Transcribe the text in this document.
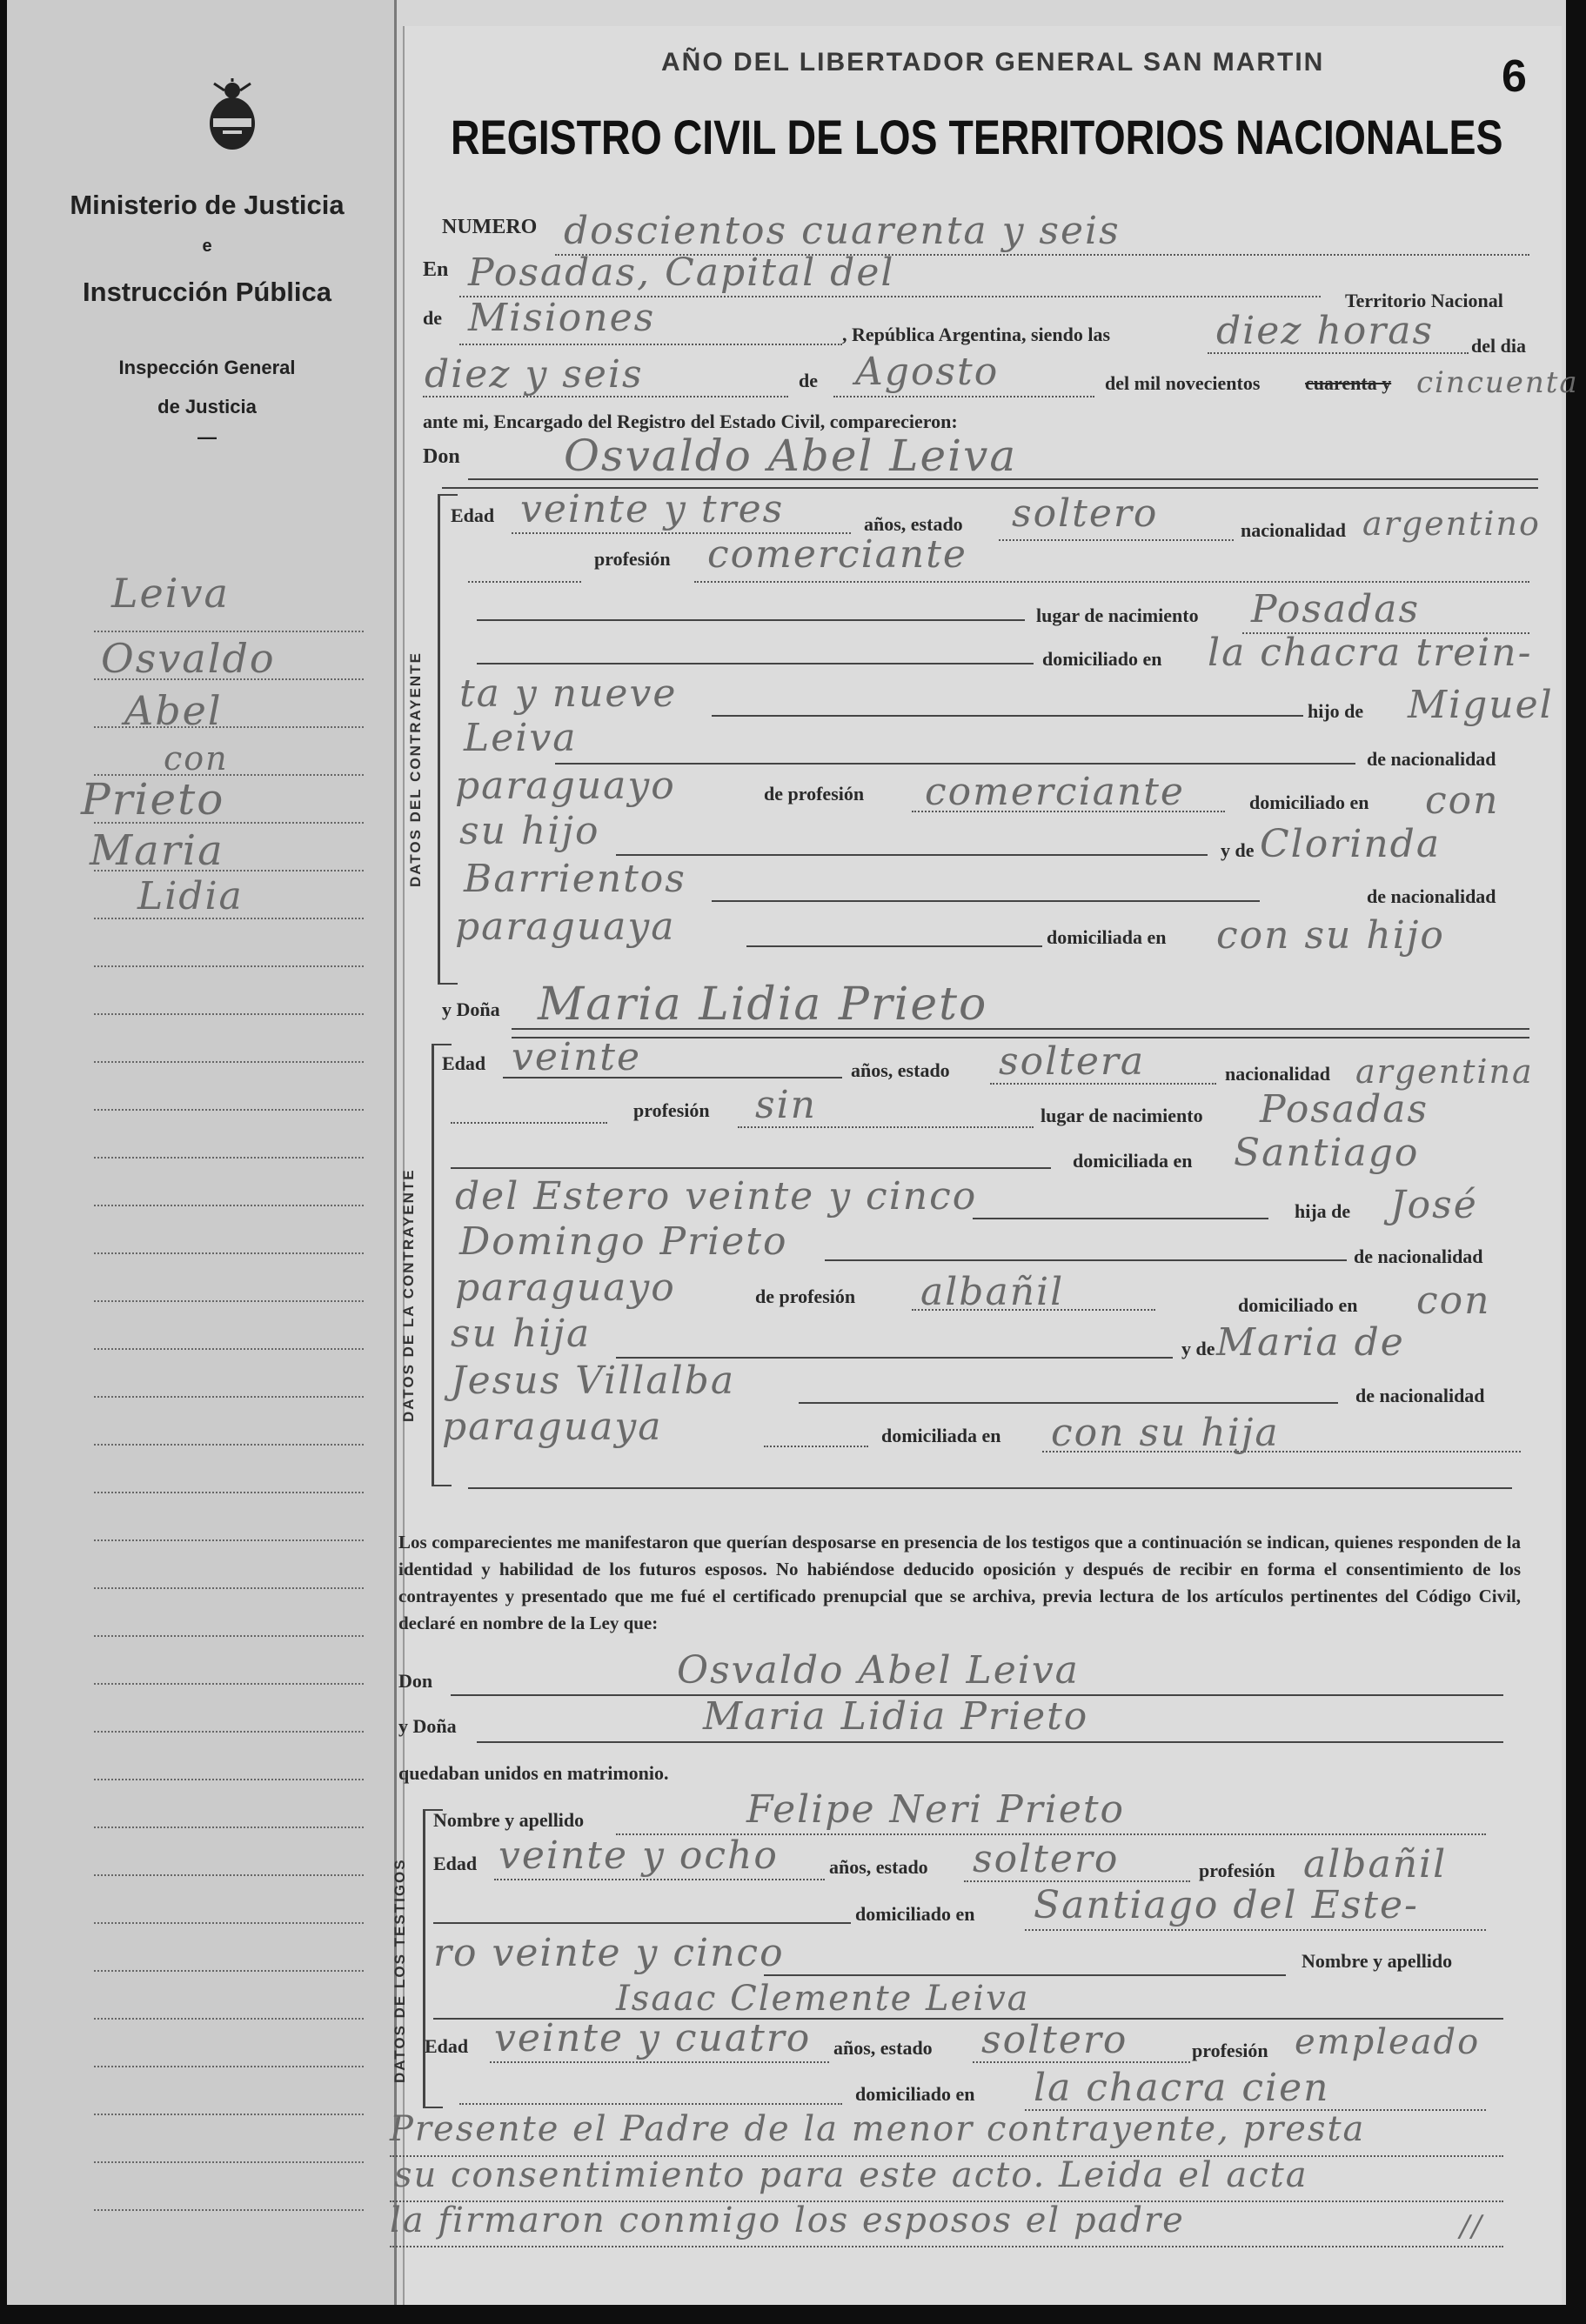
Ministerio de Justicia
e
Instrucción Pública
Inspección General
de Justicia
—
Leiva
Osvaldo
Abel
con
Prieto
Maria
Lidia
AÑO DEL LIBERTADOR GENERAL SAN MARTIN	6
REGISTRO CIVIL DE LOS TERRITORIOS NACIONALES
NUMERO doscientos cuarenta y seis
En Posadas, Capital del
Territorio Nacional
de Misiones	, República Argentina, siendo las	diez horas del dia
diez y seis	de Agosto	del mil novecientos cuarenta y cincuenta
ante mi, Encargado del Registro del Estado Civil, comparecieron:
Don Osvaldo Abel Leiva
DATOS DEL CONTRAYENTE
Edad veinte y tres	años, estado soltero	nacionalidad argentino
profesión comerciante
lugar de nacimiento Posadas
domiciliado en la chacra trein-
ta y nueve	hijo de Miguel
Leiva	de nacionalidad
paraguayo	de profesión comerciante	domiciliado en con
su hijo	y de Clorinda
Barrientos	de nacionalidad
paraguaya	domiciliada en con su hijo
y Doña Maria Lidia Prieto
DATOS DE LA CONTRAYENTE
Edad veinte	años, estado soltera	nacionalidad argentina
profesión sin	lugar de nacimiento Posadas
domiciliada en Santiago
del Estero veinte y cinco	hija de José
Domingo Prieto	de nacionalidad
paraguayo	de profesión albañil	domiciliado en con
su hija	y de Maria de
Jesus Villalba	de nacionalidad
paraguaya	domiciliada en con su hija
Los comparecientes me manifestaron que querían desposarse en presencia de los testigos que a continuación se indican, quienes responden de la identidad y habilidad de los futuros esposos. No habiéndose deducido oposición y después de recibir en forma el consentimiento de los contrayentes y presentado que me fué el certificado prenupcial que se archiva, previa lectura de los artículos pertinentes del Código Civil, declaré en nombre de la Ley que:
Don	Osvaldo Abel Leiva
y Doña	Maria Lidia Prieto
quedaban unidos en matrimonio.
DATOS DE LOS TESTIGOS
Nombre y apellido	Felipe Neri Prieto
Edad veinte y ocho	años, estado soltero	profesión albañil
domiciliado en Santiago del Este-
ro veinte y cinco	Nombre y apellido
Isaac Clemente Leiva
Edad veinte y cuatro años, estado soltero	profesión empleado
domiciliado en la chacra cien
Presente el Padre de la menor contrayente, presta
su consentimiento para este acto. Leida el acta
la firmaron conmigo los esposos el padre	//
